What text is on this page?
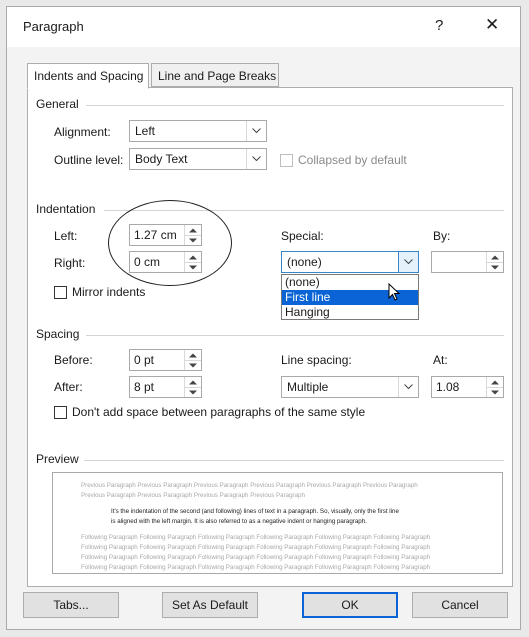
Paragraph	? ✕
Indents and Spacing	Line and Page Breaks
General
Alignment: Left
Outline level: Body Text	Collapsed by default
Indentation
Left:	1.27 cm
Right:	0 cm
Special:
(none)
(none)
First line
Hanging
By:
Mirror indents
Spacing
Before:	0 pt
After:	8 pt
Line spacing:
Multiple
At:
1.08
Don't add space between paragraphs of the same style
Preview
Previous Paragraph Previous Paragraph Previous Paragraph Previous Paragraph Previous Paragraph Previous Paragraph
Previous Paragraph Previous Paragraph Previous Paragraph Previous Paragraph
It's the indentation of the second (and following) lines of text in a paragraph. So, visually, only the first line
is aligned with the left margin. It is also referred to as a negative indent or hanging paragraph.
Following Paragraph Following Paragraph Following Paragraph Following Paragraph Following Paragraph Following Paragraph
Following Paragraph Following Paragraph Following Paragraph Following Paragraph Following Paragraph Following Paragraph
Following Paragraph Following Paragraph Following Paragraph Following Paragraph Following Paragraph Following Paragraph
Following Paragraph Following Paragraph Following Paragraph Following Paragraph Following Paragraph Following Paragraph
Tabs...	Set As Default	OK	Cancel
